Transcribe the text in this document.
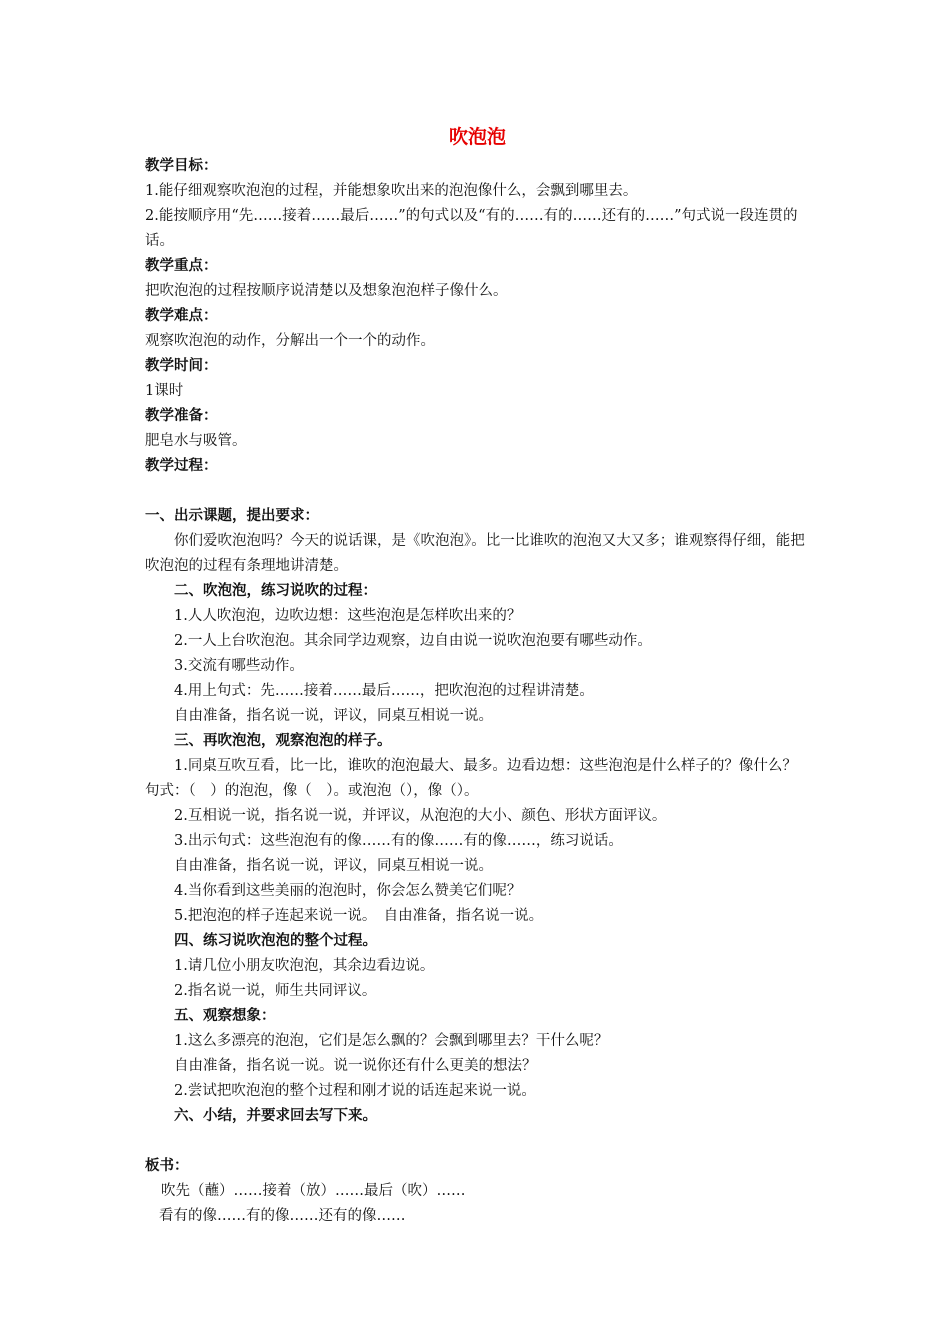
吹泡泡

教学目标：

1.能仔细观察吹泡泡的过程，并能想象吹出来的泡泡像什么，会飘到哪里去。

2.能按顺序用“先……接着……最后……”的句式以及“有的……有的……还有的……”句式说一段连贯的话。

教学重点：

把吹泡泡的过程按顺序说清楚以及想象泡泡样子像什么。

教学难点：

观察吹泡泡的动作，分解出一个一个的动作。

教学时间：

1课时

教学准备：

肥皂水与吸管。

教学过程：

一、出示课题，提出要求：

你们爱吹泡泡吗？今天的说话课，是《吹泡泡》。比一比谁吹的泡泡又大又多；谁观察得仔细，能把吹泡泡的过程有条理地讲清楚。

二、吹泡泡，练习说吹的过程：

1.人人吹泡泡，边吹边想：这些泡泡是怎样吹出来的？

2.一人上台吹泡泡。其余同学边观察，边自由说一说吹泡泡要有哪些动作。

3.交流有哪些动作。

4.用上句式：先……接着……最后……，把吹泡泡的过程讲清楚。

自由准备，指名说一说，评议，同桌互相说一说。

三、再吹泡泡，观察泡泡的样子。

1.同桌互吹互看，比一比，谁吹的泡泡最大、最多。边看边想：这些泡泡是什么样子的？像什么？句式：（　）的泡泡，像（　）。或泡泡（），像（）。

2.互相说一说，指名说一说，并评议，从泡泡的大小、颜色、形状方面评议。

3.出示句式：这些泡泡有的像……有的像……有的像……，练习说话。

自由准备，指名说一说，评议，同桌互相说一说。

4.当你看到这些美丽的泡泡时，你会怎么赞美它们呢？

5.把泡泡的样子连起来说一说。　自由准备，指名说一说。

四、练习说吹泡泡的整个过程。

1.请几位小朋友吹泡泡，其余边看边说。

2.指名说一说，师生共同评议。

五、观察想象：

1.这么多漂亮的泡泡，它们是怎么飘的？会飘到哪里去？干什么呢？

自由准备，指名说一说。说一说你还有什么更美的想法？

2.尝试把吹泡泡的整个过程和刚才说的话连起来说一说。

六、小结，并要求回去写下来。

板书：

吹先（蘸）……接着（放）……最后（吹）……

看有的像……有的像……还有的像……
